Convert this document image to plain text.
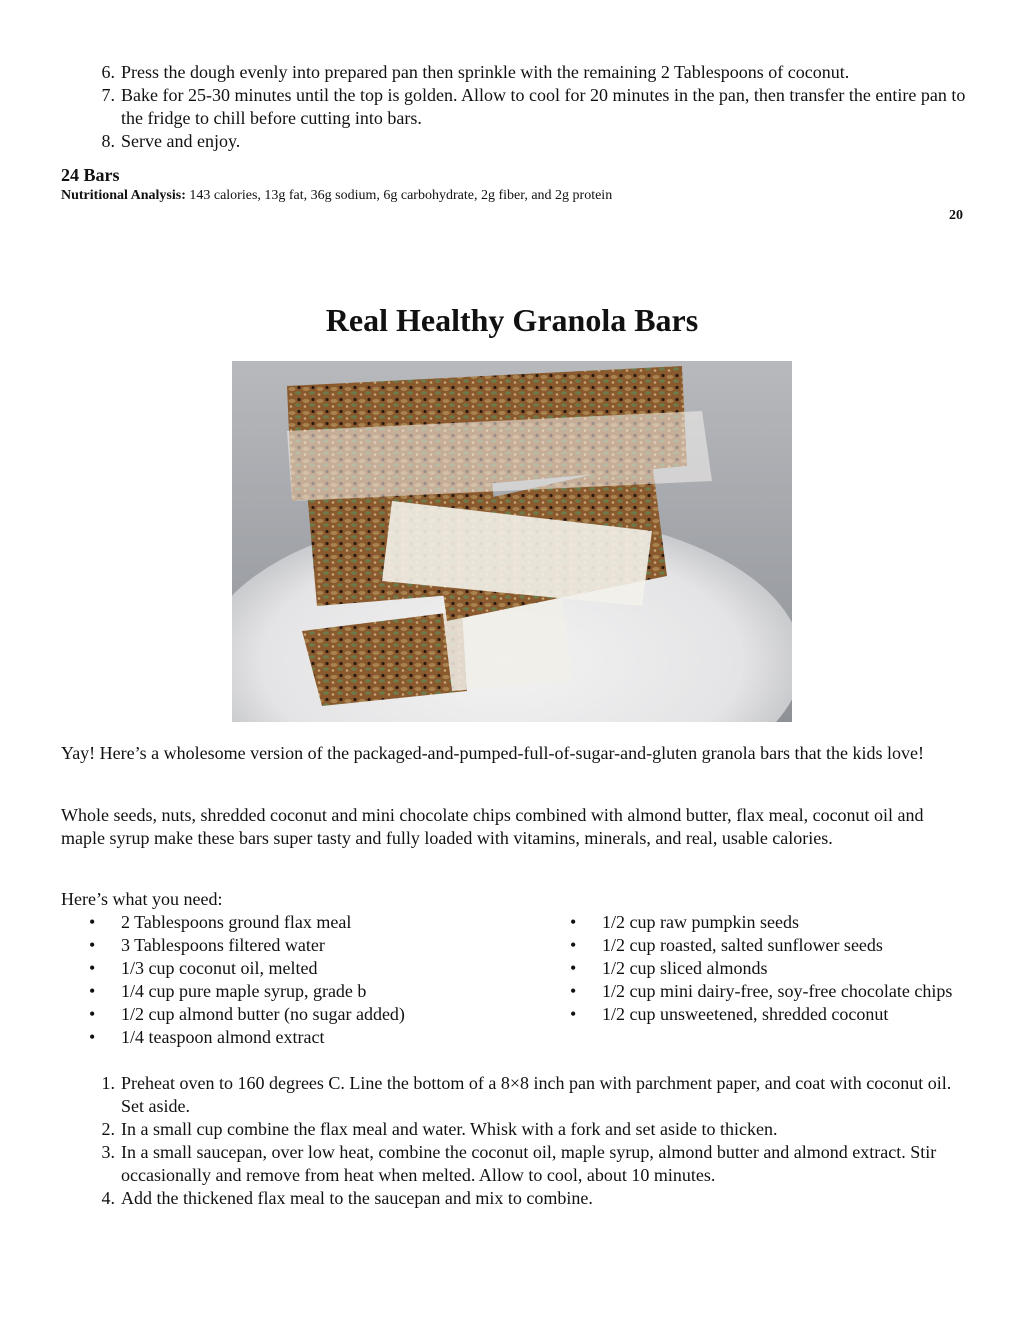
6. Press the dough evenly into prepared pan then sprinkle with the remaining 2 Tablespoons of coconut.
7. Bake for 25-30 minutes until the top is golden. Allow to cool for 20 minutes in the pan, then transfer the entire pan to the fridge to chill before cutting into bars.
8. Serve and enjoy.
24 Bars
Nutritional Analysis: 143 calories, 13g fat, 36g sodium, 6g carbohydrate, 2g fiber, and 2g protein
20
Real Healthy Granola Bars

Yay! Here’s a wholesome version of the packaged-and-pumped-full-of-sugar-and-gluten granola bars that the kids love!

Whole seeds, nuts, shredded coconut and mini chocolate chips combined with almond butter, flax meal, coconut oil and maple syrup make these bars super tasty and fully loaded with vitamins, minerals, and real, usable calories.

Here’s what you need:

• 2 Tablespoons ground flax meal
• 3 Tablespoons filtered water
• 1/3 cup coconut oil, melted
• 1/4 cup pure maple syrup, grade b
• 1/2 cup almond butter (no sugar added)
• 1/4 teaspoon almond extract
• 1/2 cup raw pumpkin seeds
• 1/2 cup roasted, salted sunflower seeds
• 1/2 cup sliced almonds
• 1/2 cup mini dairy-free, soy-free chocolate chips
• 1/2 cup unsweetened, shredded coconut
1. Preheat oven to 160 degrees C. Line the bottom of a 8×8 inch pan with parchment paper, and coat with coconut oil. Set aside.
2. In a small cup combine the flax meal and water. Whisk with a fork and set aside to thicken.
3. In a small saucepan, over low heat, combine the coconut oil, maple syrup, almond butter and almond extract. Stir occasionally and remove from heat when melted. Allow to cool, about 10 minutes.
4. Add the thickened flax meal to the saucepan and mix to combine.
